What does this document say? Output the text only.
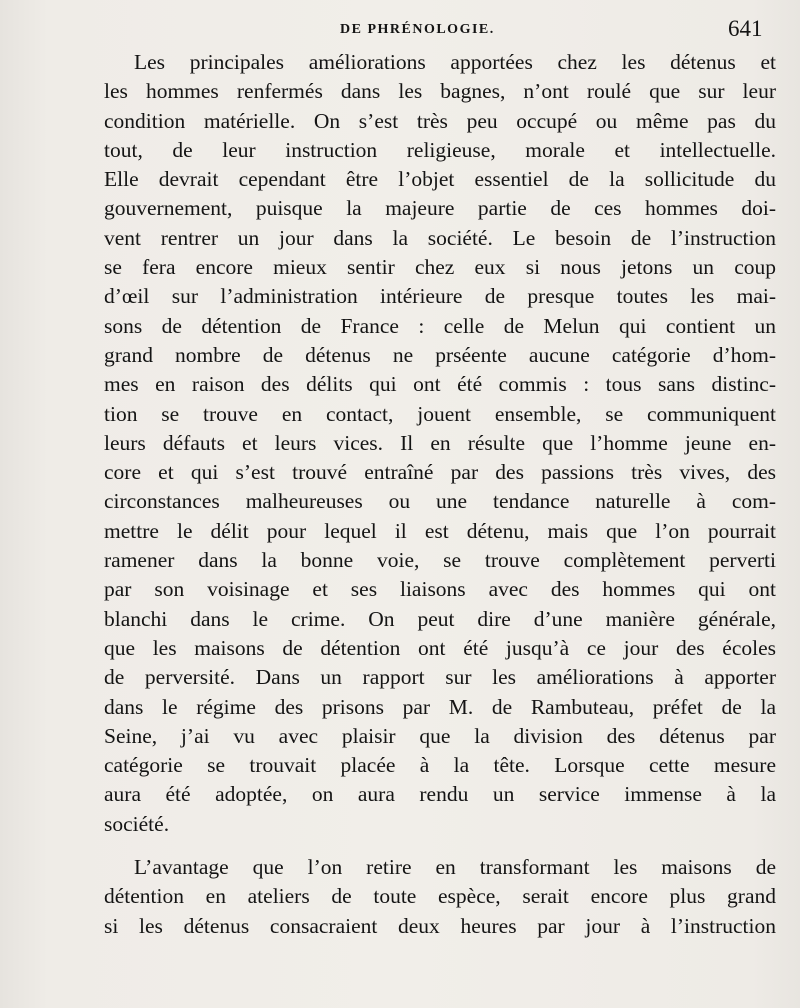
DE PHRÉNOLOGIE.	641
Les principales améliorations apportées chez les détenus et
les hommes renfermés dans les bagnes, n’ont roulé que sur leur
condition matérielle. On s’est très peu occupé ou même pas du
tout, de leur instruction religieuse, morale et intellectuelle.
Elle devrait cependant être l’objet essentiel de la sollicitude du
gouvernement, puisque la majeure partie de ces hommes doi-
vent rentrer un jour dans la société. Le besoin de l’instruction
se fera encore mieux sentir chez eux si nous jetons un coup
d’œil sur l’administration intérieure de presque toutes les mai-
sons de détention de France : celle de Melun qui contient un
grand nombre de détenus ne prséente aucune catégorie d’hom-
mes en raison des délits qui ont été commis : tous sans distinc-
tion se trouve en contact, jouent ensemble, se communiquent
leurs défauts et leurs vices. Il en résulte que l’homme jeune en-
core et qui s’est trouvé entraîné par des passions très vives, des
circonstances malheureuses ou une tendance naturelle à com-
mettre le délit pour lequel il est détenu, mais que l’on pourrait
ramener dans la bonne voie, se trouve complètement perverti
par son voisinage et ses liaisons avec des hommes qui ont
blanchi dans le crime. On peut dire d’une manière générale,
que les maisons de détention ont été jusqu’à ce jour des écoles
de perversité. Dans un rapport sur les améliorations à apporter
dans le régime des prisons par M. de Rambuteau, préfet de la
Seine, j’ai vu avec plaisir que la division des détenus par
catégorie se trouvait placée à la tête. Lorsque cette mesure
aura été adoptée, on aura rendu un service immense à la
société.
L’avantage que l’on retire en transformant les maisons de
détention en ateliers de toute espèce, serait encore plus grand
si les détenus consacraient deux heures par jour à l’instruction
